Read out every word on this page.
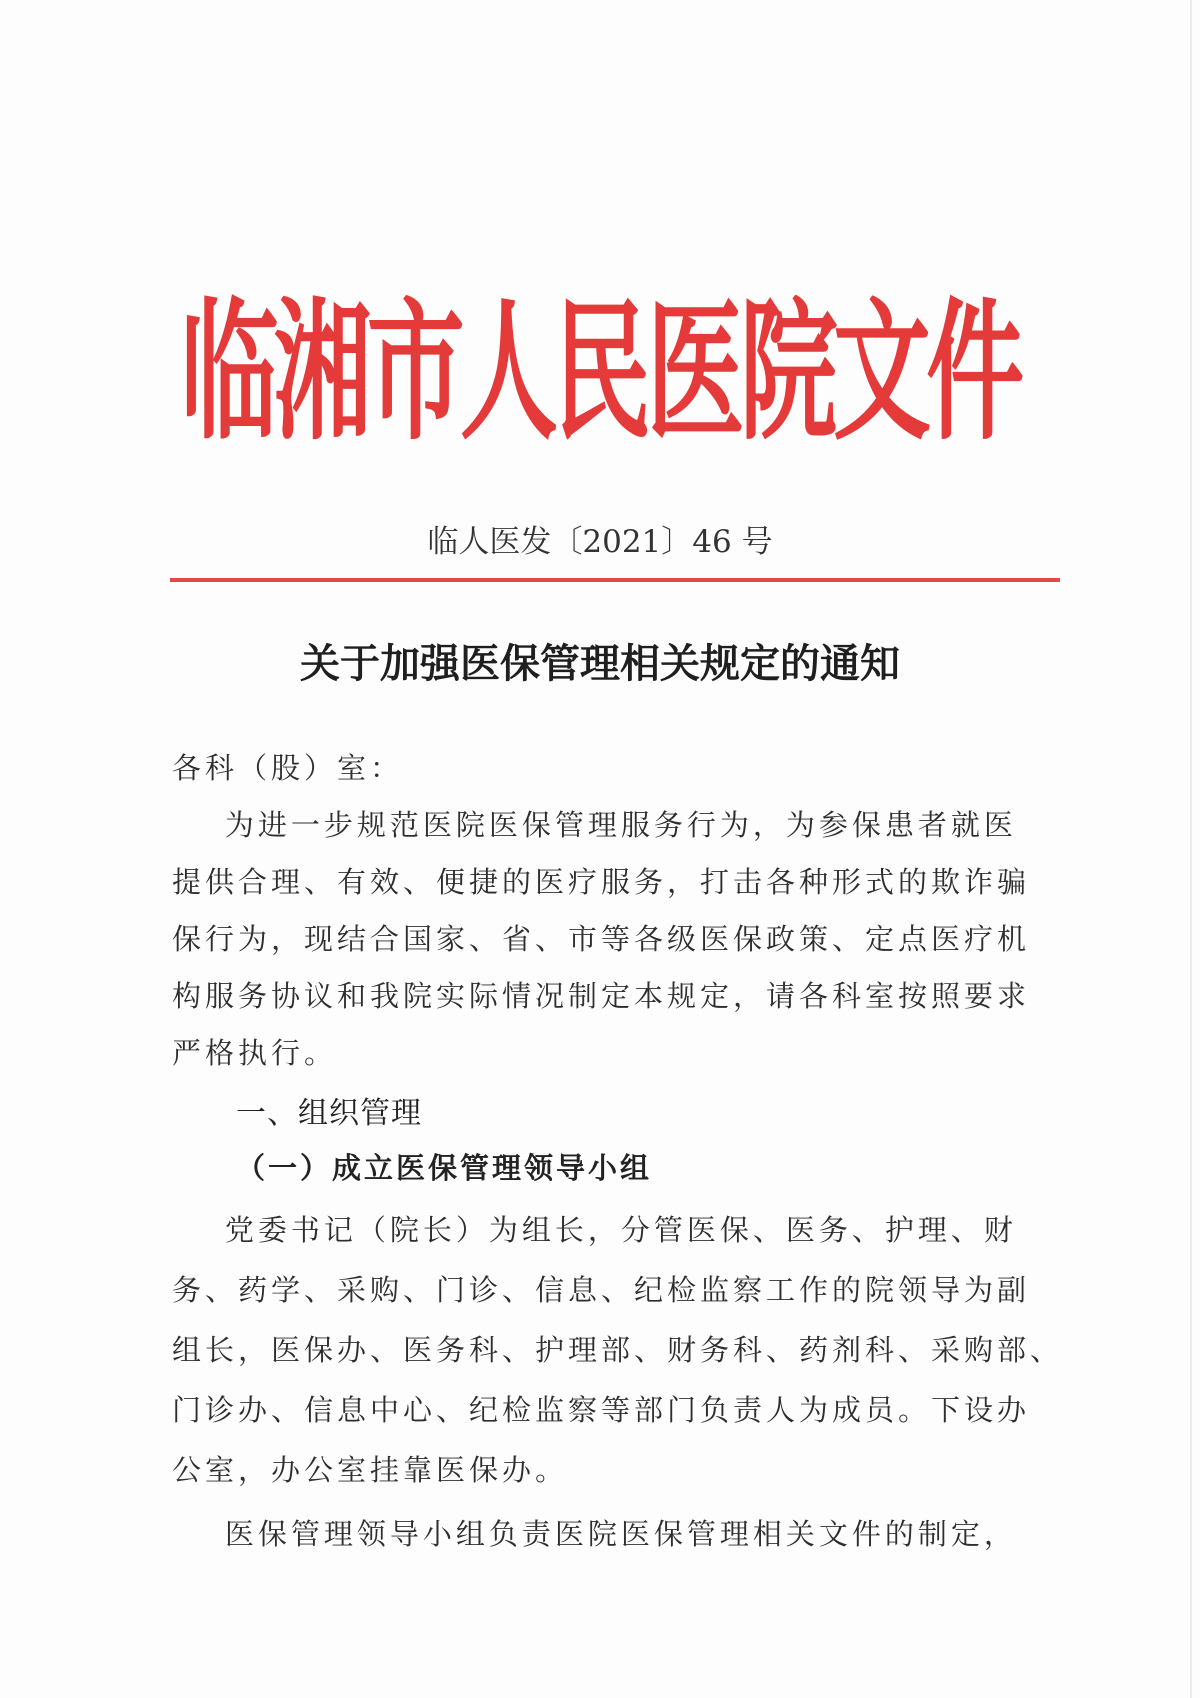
临湘市人民医院文件
临人医发〔2021〕46 号
关于加强医保管理相关规定的通知
各科（股）室：
为进一步规范医院医保管理服务行为，为参保患者就医
提供合理、有效、便捷的医疗服务，打击各种形式的欺诈骗
保行为，现结合国家、省、市等各级医保政策、定点医疗机
构服务协议和我院实际情况制定本规定，请各科室按照要求
严格执行。
一、组织管理
（一）成立医保管理领导小组
党委书记（院长）为组长，分管医保、医务、护理、财
务、药学、采购、门诊、信息、纪检监察工作的院领导为副
组长，医保办、医务科、护理部、财务科、药剂科、采购部、
门诊办、信息中心、纪检监察等部门负责人为成员。下设办
公室，办公室挂靠医保办。
医保管理领导小组负责医院医保管理相关文件的制定，
